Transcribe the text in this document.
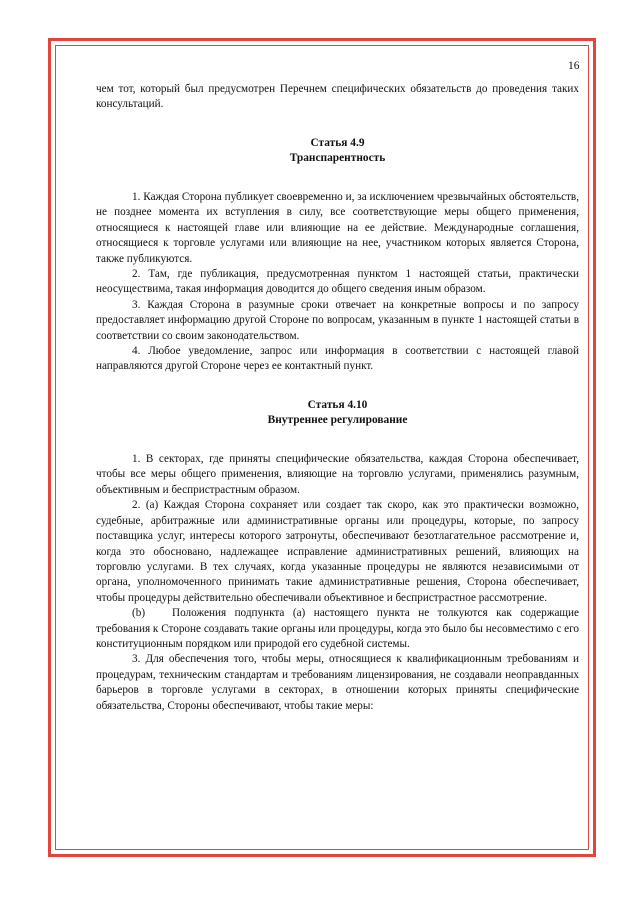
16

чем тот, который был предусмотрен Перечнем специфических обязательств до проведения таких консультаций.

Статья 4.9
Транспарентность

1. Каждая Сторона публикует своевременно и, за исключением чрезвычайных обстоятельств, не позднее момента их вступления в силу, все соответствующие меры общего применения, относящиеся к настоящей главе или влияющие на ее действие. Международные соглашения, относящиеся к торговле услугами или влияющие на нее, участником которых является Сторона, также публикуются.

2. Там, где публикация, предусмотренная пунктом 1 настоящей статьи, практически неосуществима, такая информация доводится до общего сведения иным образом.

3. Каждая Сторона в разумные сроки отвечает на конкретные вопросы и по запросу предоставляет информацию другой Стороне по вопросам, указанным в пункте 1 настоящей статьи в соответствии со своим законодательством.

4. Любое уведомление, запрос или информация в соответствии с настоящей главой направляются другой Стороне через ее контактный пункт.

Статья 4.10
Внутреннее регулирование

1. В секторах, где приняты специфические обязательства, каждая Сторона обеспечивает, чтобы все меры общего применения, влияющие на торговлю услугами, применялись разумным, объективным и беспристрастным образом.

2. (а) Каждая Сторона сохраняет или создает так скоро, как это практически возможно, судебные, арбитражные или административные органы или процедуры, которые, по запросу поставщика услуг, интересы которого затронуты, обеспечивают безотлагательное рассмотрение и, когда это обосновано, надлежащее исправление административных решений, влияющих на торговлю услугами. В тех случаях, когда указанные процедуры не являются независимыми от органа, уполномоченного принимать такие административные решения, Сторона обеспечивает, чтобы процедуры действительно обеспечивали объективное и беспристрастное рассмотрение.

(b) Положения подпункта (а) настоящего пункта не толкуются как содержащие требования к Стороне создавать такие органы или процедуры, когда это было бы несовместимо с его конституционным порядком или природой его судебной системы.

3. Для обеспечения того, чтобы меры, относящиеся к квалификационным требованиям и процедурам, техническим стандартам и требованиям лицензирования, не создавали неоправданных барьеров в торговле услугами в секторах, в отношении которых приняты специфические обязательства, Стороны обеспечивают, чтобы такие меры:
